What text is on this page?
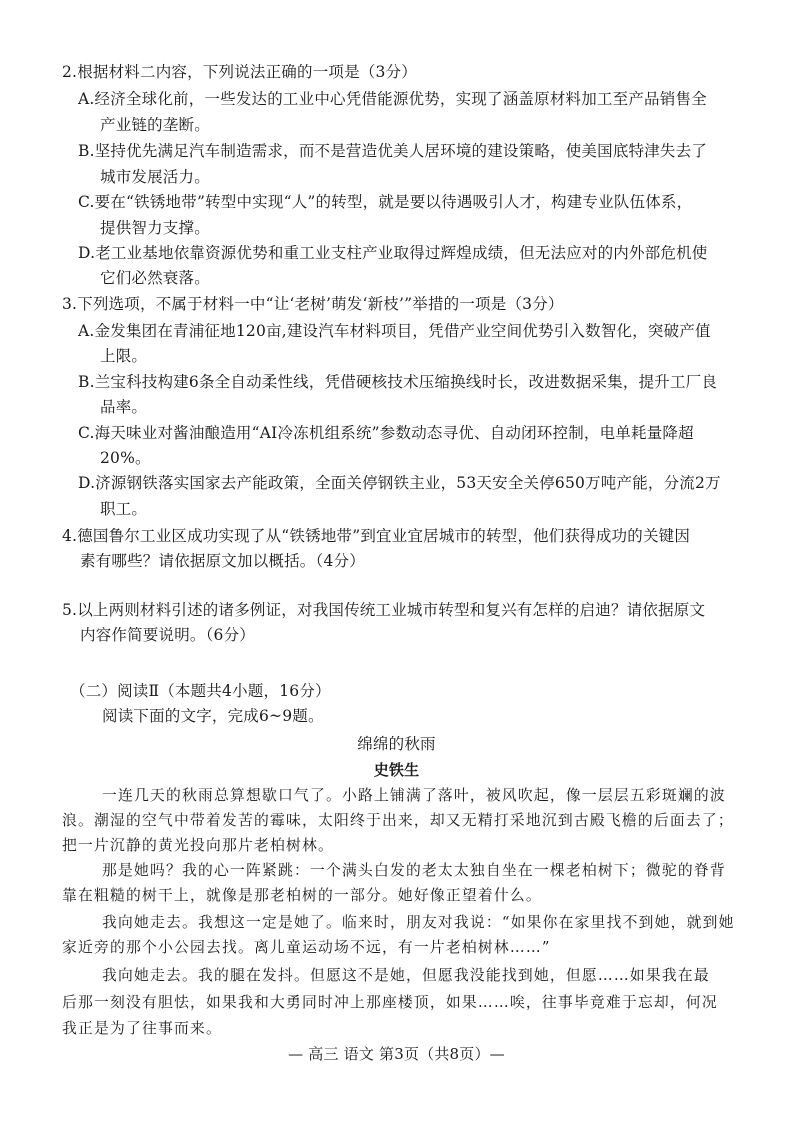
2.根据材料二内容，下列说法正确的一项是（3分）
A.经济全球化前，一些发达的工业中心凭借能源优势，实现了涵盖原材料加工至产品销售全
产业链的垄断。
B.坚持优先满足汽车制造需求，而不是营造优美人居环境的建设策略，使美国底特津失去了
城市发展活力。
C.要在“铁锈地带”转型中实现“人”的转型，就是要以待遇吸引人才，构建专业队伍体系，
提供智力支撑。
D.老工业基地依靠资源优势和重工业支柱产业取得过辉煌成绩，但无法应对的内外部危机使
它们必然衰落。
3.下列选项，不属于材料一中“让‘老树’萌发‘新枝’”举措的一项是（3分）
A.金发集团在青浦征地120亩,建设汽车材料项目，凭借产业空间优势引入数智化，突破产值
上限。
B.兰宝科技构建6条全自动柔性线，凭借硬核技术压缩换线时长，改进数据采集，提升工厂良
品率。
C.海天味业对酱油酿造用“AI冷冻机组系统”参数动态寻优、自动闭环控制，电单耗量降超
20%。
D.济源钢铁落实国家去产能政策，全面关停钢铁主业，53天安全关停650万吨产能，分流2万
职工。
4.德国鲁尔工业区成功实现了从“铁锈地带”到宜业宜居城市的转型，他们获得成功的关键因
素有哪些？请依据原文加以概括。（4分）
5.以上两则材料引述的诸多例证，对我国传统工业城市转型和复兴有怎样的启迪？请依据原文
内容作简要说明。（6分）
（二）阅读Ⅱ（本题共4小题，16分）
阅读下面的文字，完成6~9题。
绵绵的秋雨
史铁生
一连几天的秋雨总算想歇口气了。小路上铺满了落叶，被风吹起，像一层层五彩斑斓的波
浪。潮湿的空气中带着发苦的霉味，太阳终于出来，却又无精打采地沉到古殿飞檐的后面去了；
把一片沉静的黄光投向那片老柏树林。
那是她吗？我的心一阵紧跳：一个满头白发的老太太独自坐在一棵老柏树下；微驼的脊背
靠在粗糙的树干上，就像是那老柏树的一部分。她好像正望着什么。
我向她走去。我想这一定是她了。临来时，朋友对我说：“如果你在家里找不到她，就到她
家近旁的那个小公园去找。离儿童运动场不远，有一片老柏树林……”
我向她走去。我的腿在发抖。但愿这不是她，但愿我没能找到她，但愿……如果我在最
后那一刻没有胆怯，如果我和大勇同时冲上那座楼顶，如果……唉，往事毕竟难于忘却，何况
我正是为了往事而来。
— 高三 语文 第3页（共8页）—
